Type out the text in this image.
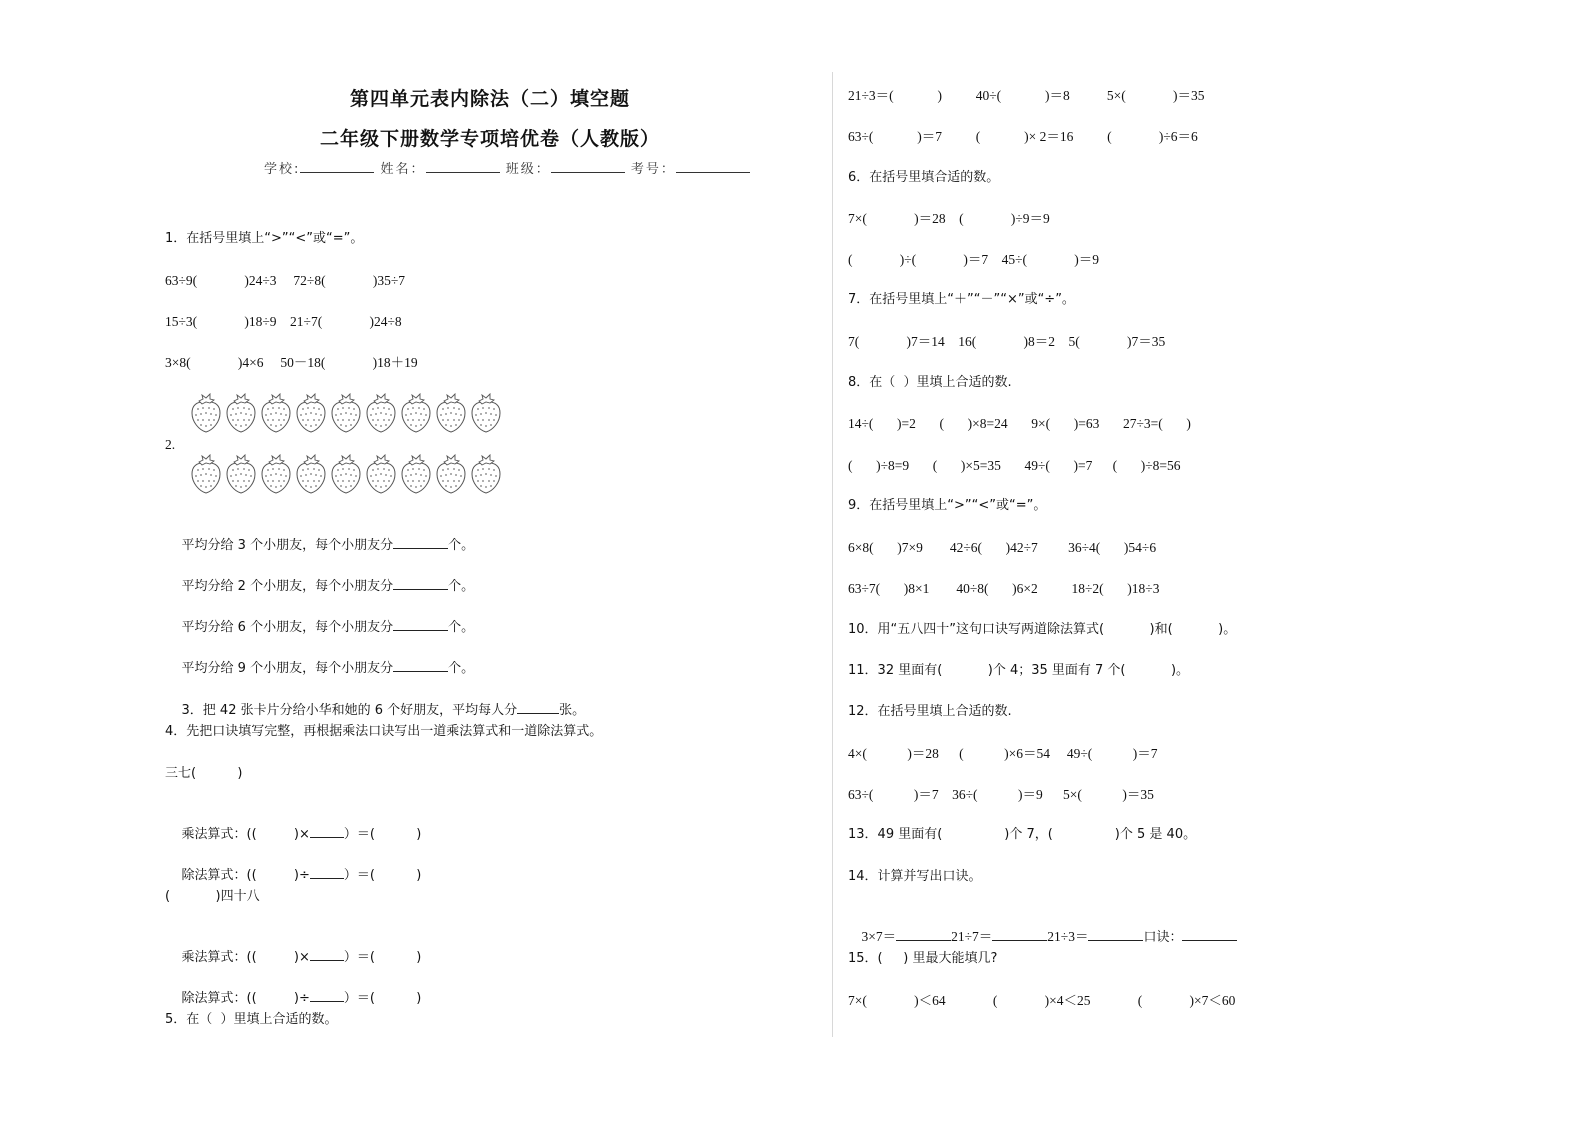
第四单元表内除法（二）填空题
二年级下册数学专项培优卷（人教版）
学校:	姓名：	班级：	考号：
1．在括号里填上“>”“<”或“=”。
63÷9(              )24÷3     72÷8(              )35÷7
15÷3(              )18÷9    21÷7(              )24÷8
3×8(              )4×6     50－18(              )18＋19
2.

平均分给 3 个小朋友，每个小朋友分	个。

平均分给 2 个小朋友，每个小朋友分	个。

平均分给 6 个小朋友，每个小朋友分	个。

平均分给 9 个小朋友，每个小朋友分	个。

3．把 42 张卡片分给小华和她的 6 个好朋友，平均每人分	张。

4．先把口诀填写完整，再根据乘法口诀写出一道乘法算式和一道除法算式。
三七(          )

乘法算式：((         )×	）＝(          )

除法算式：((         )÷	）＝(          )

(           )四十八

乘法算式：((         )×	）＝(          )

除法算式：((         )÷	）＝(          )

5．在（  ）里填上合适的数。
21÷3＝(             )          40÷(             )＝8           5×(              )＝35
63÷(             )＝7          (             )× 2＝16          (              )÷6＝6
6．在括号里填合适的数。
7×(              )＝28    (              )÷9＝9
(              )÷(              )＝7    45÷(              )＝9
7．在括号里填上“＋”“－”“×”或“÷”。
7(              )7＝14    16(              )8＝2    5(              )7＝35
8．在（  ）里填上合适的数.
14÷(       )=2       (       )×8=24       9×(       )=63       27÷3=(       )
(       )÷8=9       (       )×5=35       49÷(       )=7      (       )÷8=56
9．在括号里填上“>”“<”或“=”。
6×8(       )7×9        42÷6(       )42÷7         36÷4(       )54÷6
63÷7(       )8×1        40÷8(       )6×2          18÷2(       )18÷3
10．用“五八四十”这句口诀写两道除法算式(           )和(           )。
11．32 里面有(           )个 4；35 里面有 7 个(           )。
12．在括号里填上合适的数.
4×(            )＝28      (            )×6＝54     49÷(            )＝7
63÷(            )＝7    36÷(            )＝9      5×(            )＝35
13．49 里面有(               )个 7，(               )个 5 是 40。
14．计算并写出口诀。

3×7＝	21÷7＝	21÷3＝	口诀：

15．(     ) 里最大能填几?
7×(              )＜64              (              )×4＜25              (              )×7＜60
